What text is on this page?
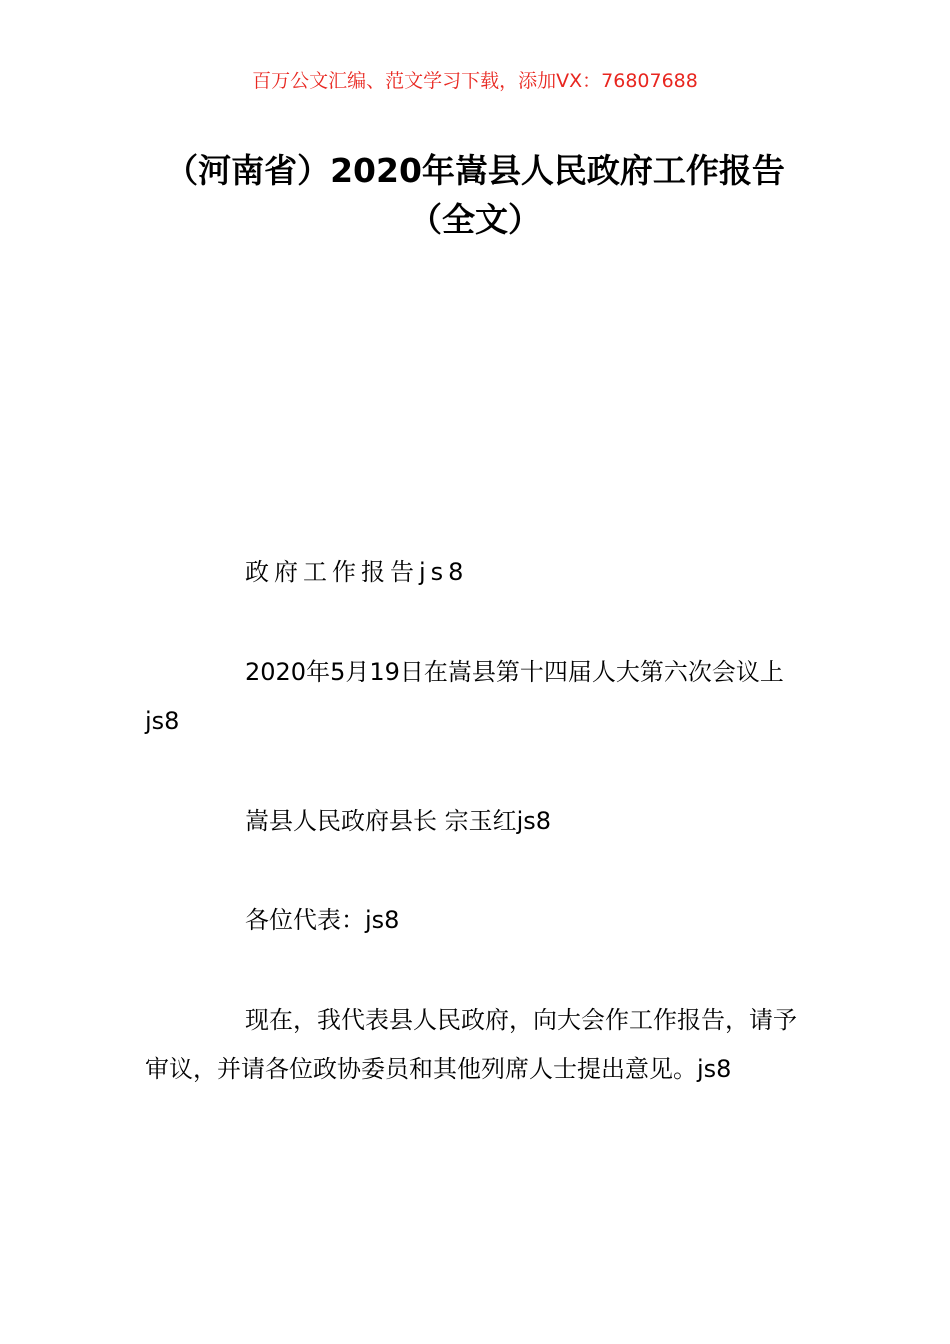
百万公文汇编、范文学习下载，添加VX：76807688
（河南省）2020年嵩县人民政府工作报告
（全文）
政府工作报告js8
2020年5月19日在嵩县第十四届人大第六次会议上js8
嵩县人民政府县长 宗玉红js8
各位代表：js8
现在，我代表县人民政府，向大会作工作报告，请予审议，并请各位政协委员和其他列席人士提出意见。js8
